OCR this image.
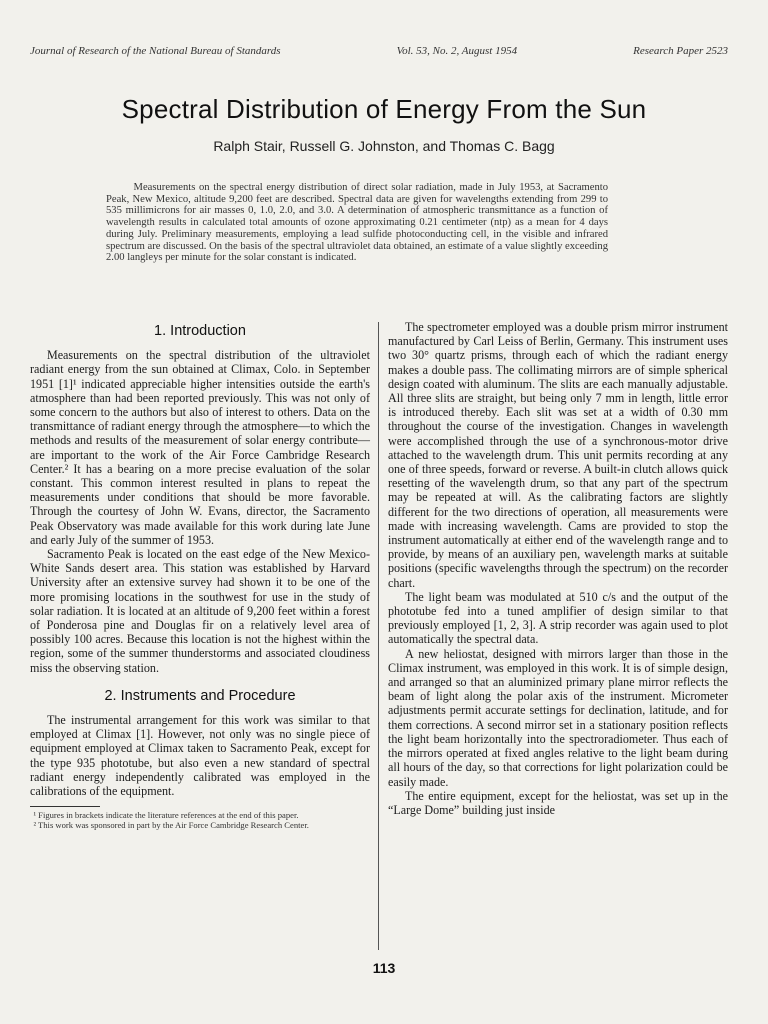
Journal of Research of the National Bureau of Standards	Vol. 53, No. 2, August 1954	Research Paper 2523
Spectral Distribution of Energy From the Sun
Ralph Stair, Russell G. Johnston, and Thomas C. Bagg
Measurements on the spectral energy distribution of direct solar radiation, made in July 1953, at Sacramento Peak, New Mexico, altitude 9,200 feet are described. Spectral data are given for wavelengths extending from 299 to 535 millimicrons for air masses 0, 1.0, 2.0, and 3.0. A determination of atmospheric transmittance as a function of wavelength results in calculated total amounts of ozone approximating 0.21 centimeter (ntp) as a mean for 4 days during July. Preliminary measurements, employing a lead sulfide photoconducting cell, in the visible and infrared spectrum are discussed. On the basis of the spectral ultraviolet data obtained, an estimate of a value slightly exceeding 2.00 langleys per minute for the solar constant is indicated.
1. Introduction

Measurements on the spectral distribution of the ultraviolet radiant energy from the sun obtained at Climax, Colo. in September 1951 [1]¹ indicated appreciable higher intensities outside the earth's atmosphere than had been reported previously. This was not only of some concern to the authors but also of interest to others. Data on the transmittance of radiant energy through the atmosphere—to which the methods and results of the measurement of solar energy contribute—are important to the work of the Air Force Cambridge Research Center.² It has a bearing on a more precise evaluation of the solar constant. This common interest resulted in plans to repeat the measurements under conditions that should be more favorable. Through the courtesy of John W. Evans, director, the Sacramento Peak Observatory was made available for this work during late June and early July of the summer of 1953.

Sacramento Peak is located on the east edge of the New Mexico-White Sands desert area. This station was established by Harvard University after an extensive survey had shown it to be one of the more promising locations in the southwest for use in the study of solar radiation. It is located at an altitude of 9,200 feet within a forest of Ponderosa pine and Douglas fir on a relatively level area of possibly 100 acres. Because this location is not the highest within the region, some of the summer thunderstorms and associated cloudiness miss the observing station.

2. Instruments and Procedure

The instrumental arrangement for this work was similar to that employed at Climax [1]. However, not only was no single piece of equipment employed at Climax taken to Sacramento Peak, except for the type 935 phototube, but also even a new standard of spectral radiant energy independently calibrated was employed in the calibrations of the equipment.

¹ Figures in brackets indicate the literature references at the end of this paper.
² This work was sponsored in part by the Air Force Cambridge Research Center.

The spectrometer employed was a double prism mirror instrument manufactured by Carl Leiss of Berlin, Germany. This instrument uses two 30° quartz prisms, through each of which the radiant energy makes a double pass. The collimating mirrors are of simple spherical design coated with aluminum. The slits are each manually adjustable. All three slits are straight, but being only 7 mm in length, little error is introduced thereby. Each slit was set at a width of 0.30 mm throughout the course of the investigation. Changes in wavelength were accomplished through the use of a synchronous-motor drive attached to the wavelength drum. This unit permits recording at any one of three speeds, forward or reverse. A built-in clutch allows quick resetting of the wavelength drum, so that any part of the spectrum may be repeated at will. As the calibrating factors are slightly different for the two directions of operation, all measurements were made with increasing wavelength. Cams are provided to stop the instrument automatically at either end of the wavelength range and to provide, by means of an auxiliary pen, wavelength marks at suitable positions (specific wavelengths through the spectrum) on the recorder chart.

The light beam was modulated at 510 c/s and the output of the phototube fed into a tuned amplifier of design similar to that previously employed [1, 2, 3]. A strip recorder was again used to plot automatically the spectral data.

A new heliostat, designed with mirrors larger than those in the Climax instrument, was employed in this work. It is of simple design, and arranged so that an aluminized primary plane mirror reflects the beam of light along the polar axis of the instrument. Micrometer adjustments permit accurate settings for declination, latitude, and for them corrections. A second mirror set in a stationary position reflects the light beam horizontally into the spectroradiometer. Thus each of the mirrors operated at fixed angles relative to the light beam during all hours of the day, so that corrections for light polarization could be easily made.

The entire equipment, except for the heliostat, was set up in the “Large Dome” building just inside

113
